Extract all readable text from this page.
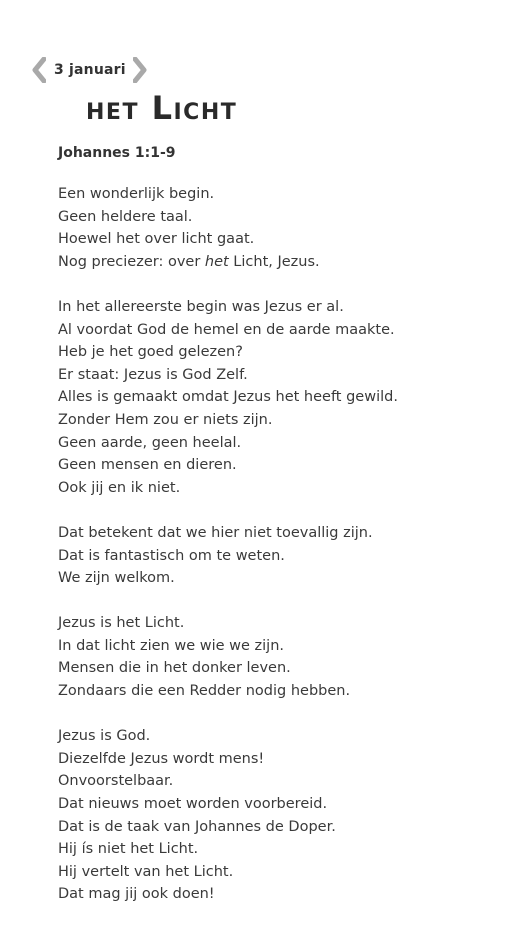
3 januari
het Licht
Johannes 1:1-9
Een wonderlijk begin.
Geen heldere taal.
Hoewel het over licht gaat.
Nog preciezer: over het Licht, Jezus.
In het allereerste begin was Jezus er al.
Al voordat God de hemel en de aarde maakte.
Heb je het goed gelezen?
Er staat: Jezus is God Zelf.
Alles is gemaakt omdat Jezus het heeft gewild.
Zonder Hem zou er niets zijn.
Geen aarde, geen heelal.
Geen mensen en dieren.
Ook jij en ik niet.
Dat betekent dat we hier niet toevallig zijn.
Dat is fantastisch om te weten.
We zijn welkom.
Jezus is het Licht.
In dat licht zien we wie we zijn.
Mensen die in het donker leven.
Zondaars die een Redder nodig hebben.
Jezus is God.
Diezelfde Jezus wordt mens!
Onvoorstelbaar.
Dat nieuws moet worden voorbereid.
Dat is de taak van Johannes de Doper.
Hij ís niet het Licht.
Hij vertelt van het Licht.
Dat mag jij ook doen!
